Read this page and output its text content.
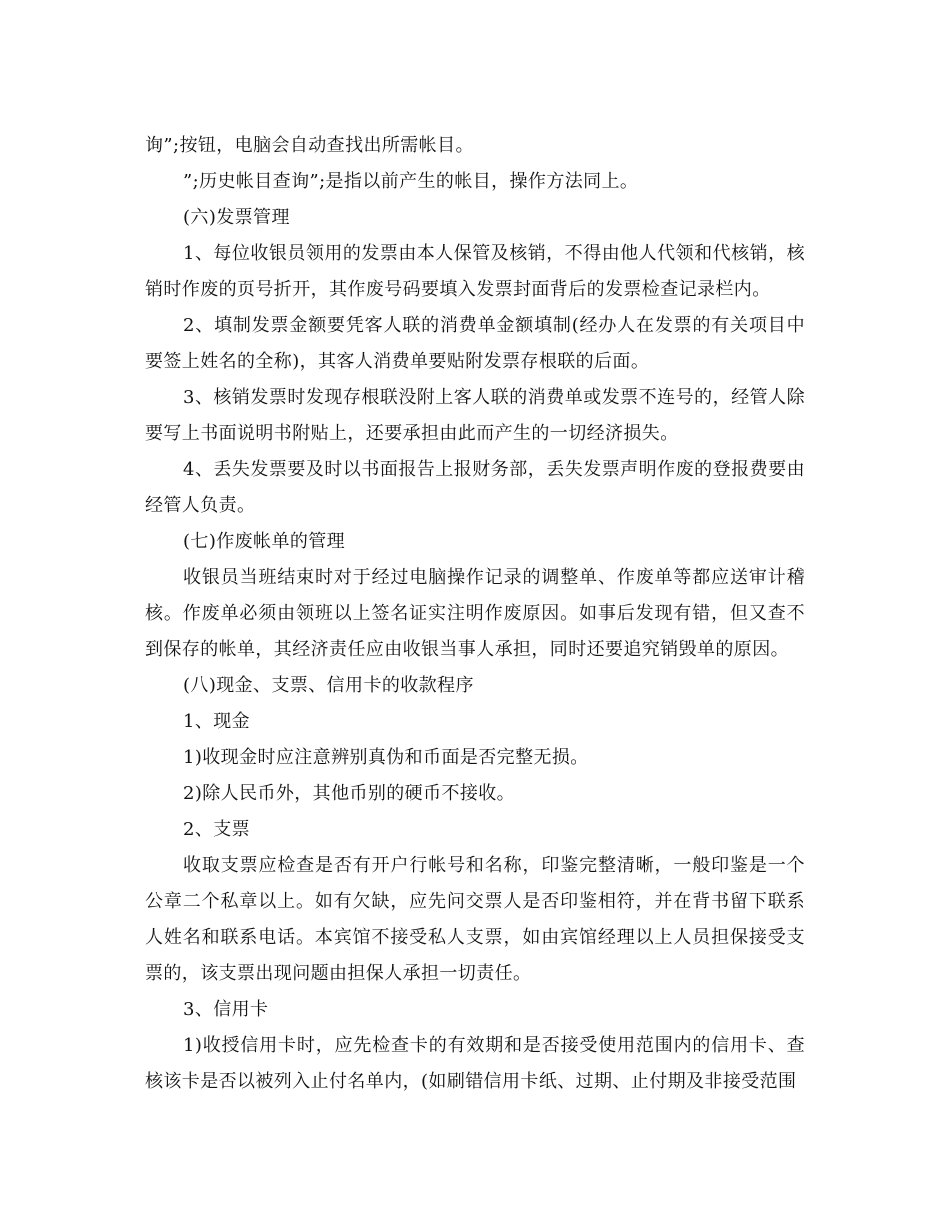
询”;按钮，电脑会自动查找出所需帐目。

”;历史帐目查询”;是指以前产生的帐目，操作方法同上。

(六)发票管理

1、每位收银员领用的发票由本人保管及核销，不得由他人代领和代核销，核销时作废的页号折开，其作废号码要填入发票封面背后的发票检查记录栏内。

2、填制发票金额要凭客人联的消费单金额填制(经办人在发票的有关项目中要签上姓名的全称)，其客人消费单要贴附发票存根联的后面。

3、核销发票时发现存根联没附上客人联的消费单或发票不连号的，经管人除要写上书面说明书附贴上，还要承担由此而产生的一切经济损失。

4、丢失发票要及时以书面报告上报财务部，丢失发票声明作废的登报费要由经管人负责。

(七)作废帐单的管理

收银员当班结束时对于经过电脑操作记录的调整单、作废单等都应送审计稽核。作废单必须由领班以上签名证实注明作废原因。如事后发现有错，但又查不到保存的帐单，其经济责任应由收银当事人承担，同时还要追究销毁单的原因。

(八)现金、支票、信用卡的收款程序

1、现金

1)收现金时应注意辨别真伪和币面是否完整无损。

2)除人民币外，其他币别的硬币不接收。

2、支票

收取支票应检查是否有开户行帐号和名称，印鉴完整清晰，一般印鉴是一个公章二个私章以上。如有欠缺，应先问交票人是否印鉴相符，并在背书留下联系人姓名和联系电话。本宾馆不接受私人支票，如由宾馆经理以上人员担保接受支票的，该支票出现问题由担保人承担一切责任。

3、信用卡

1)收授信用卡时，应先检查卡的有效期和是否接受使用范围内的信用卡、查核该卡是否以被列入止付名单内，(如刷错信用卡纸、过期、止付期及非接受范围
